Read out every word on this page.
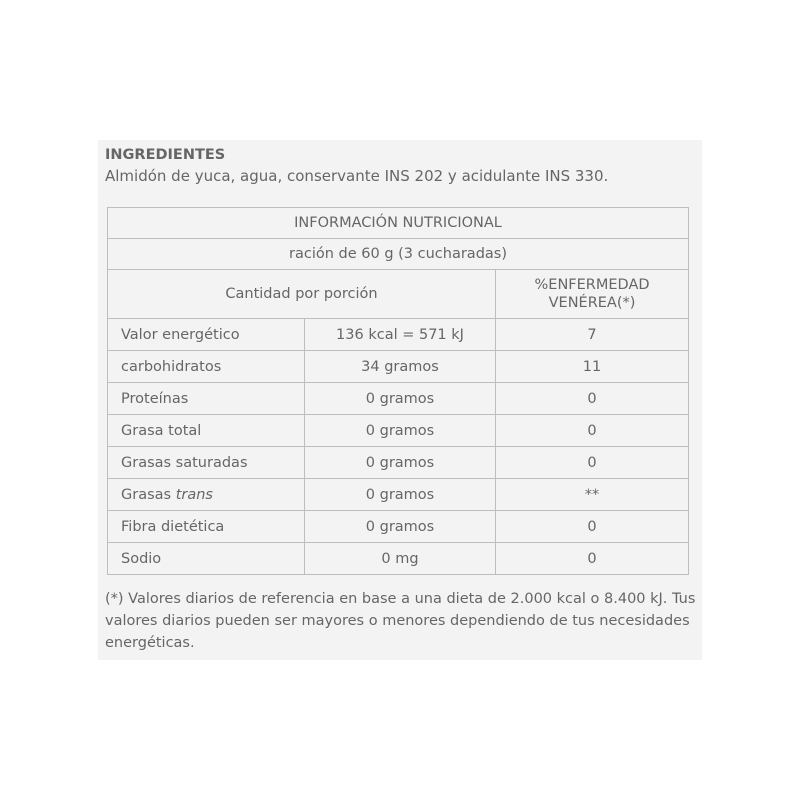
INGREDIENTES
Almidón de yuca, agua, conservante INS 202 y acidulante INS 330.
INFORMACIÓN NUTRICIONAL		
ración de 60 g (3 cucharadas)		
Cantidad por porción		%ENFERMEDAD
VENÉREA(*)
Valor energético	136 kcal = 571 kJ	7
carbohidratos	34 gramos	11
Proteínas	0 gramos	0
Grasa total	0 gramos	0
Grasas saturadas	0 gramos	0
Grasas trans	0 gramos	**
Fibra dietética	0 gramos	0
Sodio	0 mg	0
(*) Valores diarios de referencia en base a una dieta de 2.000 kcal o 8.400 kJ. Tus valores diarios pueden ser mayores o menores dependiendo de tus necesidades energéticas.
